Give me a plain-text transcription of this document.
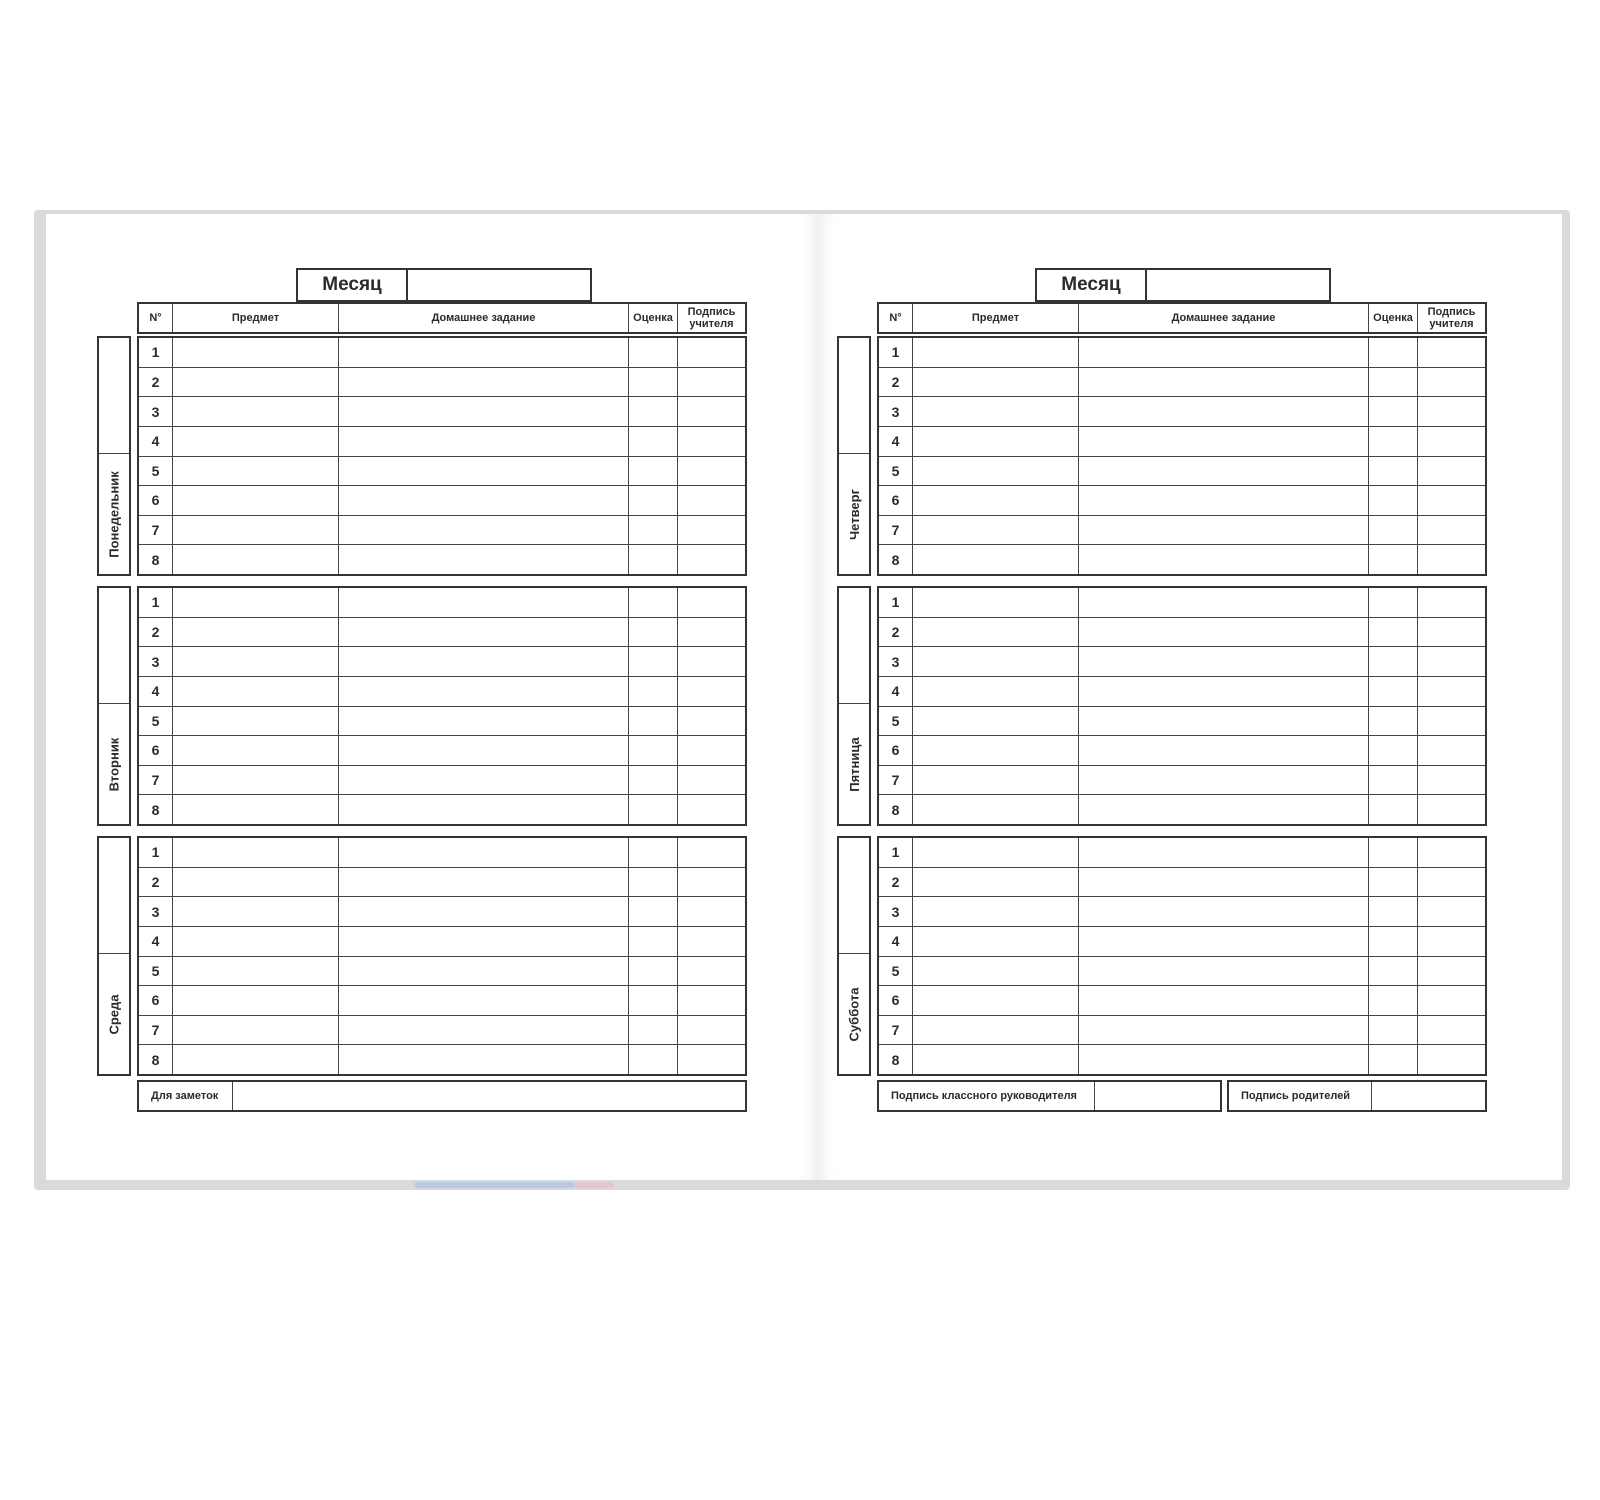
Месяц
N°	Предмет	Домашнее задание	Оценка	Подпись учителя
Понедельник
1
2
3
4
5
6
7
8
Вторник
1
2
3
4
5
6
7
8
Среда
1
2
3
4
5
6
7
8
Для заметок
Месяц
N°	Предмет	Домашнее задание	Оценка	Подпись учителя
Четверг
1
2
3
4
5
6
7
8
Пятница
1
2
3
4
5
6
7
8
Суббота
1
2
3
4
5
6
7
8
Подпись классного руководителя	Подпись родителей
